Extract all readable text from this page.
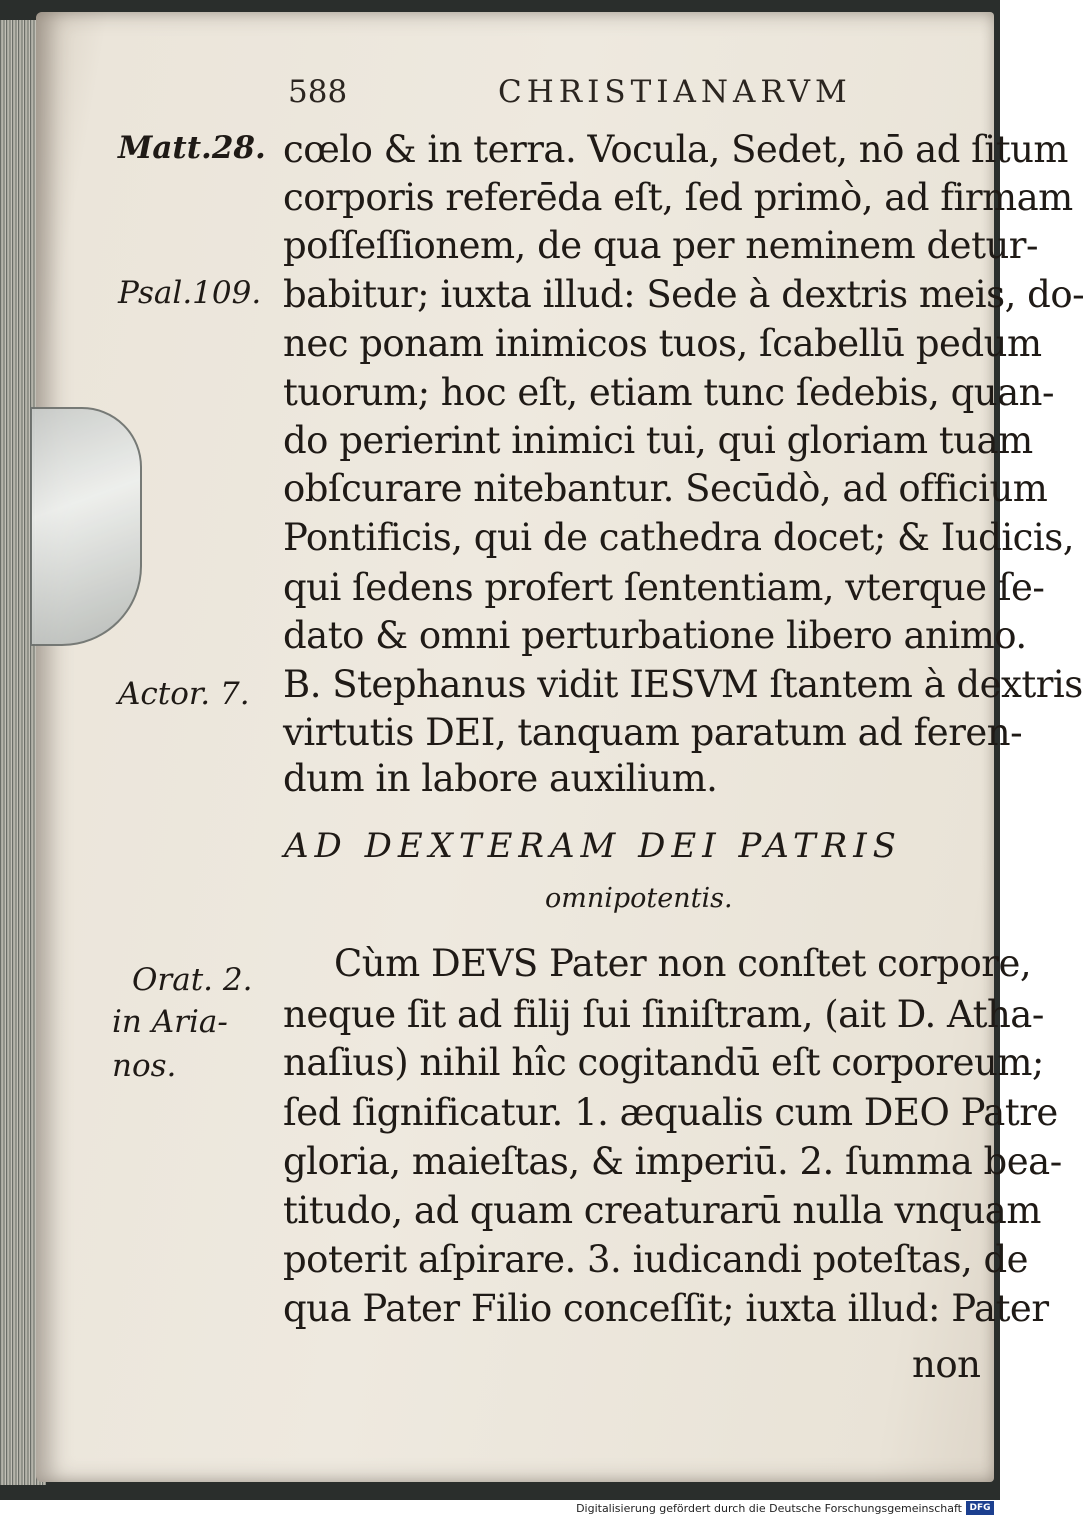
588	CHRISTIANARVM
Matt.28.
Psal.109.
Actor. 7.
Orat. 2.
in Aria-
nos.
cœlo & in terra. Vocula, Sedet, nō ad ſitum
corporis referēda eſt, ſed primò, ad firmam
poſſeſſionem, de qua per neminem detur-
babitur; iuxta illud: Sede à dextris meis, do-
nec ponam inimicos tuos, ſcabellū pedum
tuorum; hoc eſt, etiam tunc ſedebis, quan-
do perierint inimici tui, qui gloriam tuam
obſcurare nitebantur. Secūdò, ad officium
Pontificis, qui de cathedra docet; & Iudicis,
qui ſedens profert ſententiam, vterque ſe-
dato & omni perturbatione libero animo.
B. Stephanus vidit IESVM ſtantem à dextris
virtutis DEI, tanquam paratum ad feren-
dum in labore auxilium.
AD DEXTERAM DEI PATRIS
omnipotentis.
Cùm DEVS Pater non conſtet corpore,
neque ſit ad filij ſui ſiniſtram, (ait D. Atha-
naſius) nihil hîc cogitandū eſt corporeum;
ſed ſignificatur. 1. æqualis cum DEO Patre
gloria, maieſtas, & imperiū. 2. ſumma bea-
titudo, ad quam creaturarū nulla vnquam
poterit aſpirare. 3. iudicandi poteſtas, de
qua Pater Filio conceſſit; iuxta illud: Pater
non
Digitalisierung gefördert durch die Deutsche Forschungsgemeinschaft DFG
